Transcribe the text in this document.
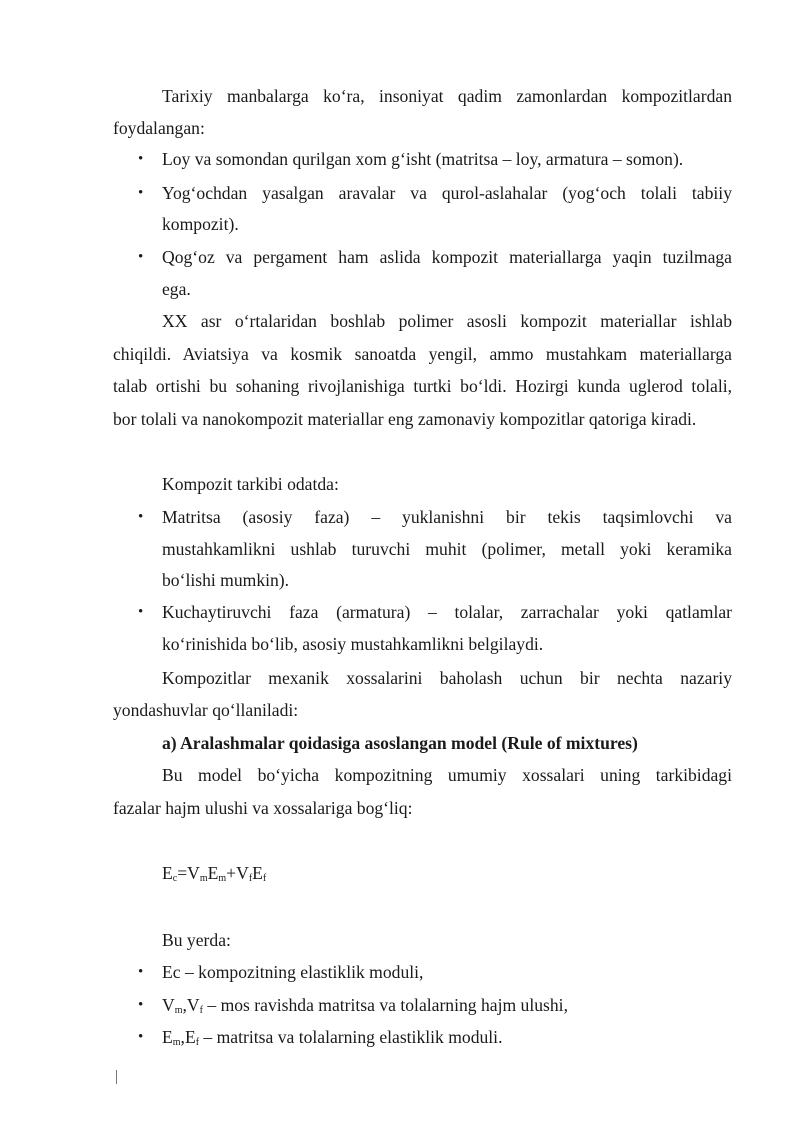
Tarixiy manbalarga ko‘ra, insoniyat qadim zamonlardan kompozitlardan
foydalangan:
• Loy va somondan qurilgan xom g‘isht (matritsa – loy, armatura – somon).
• Yog‘ochdan yasalgan aravalar va qurol-aslahalar (yog‘och tolali tabiiy
kompozit).
• Qog‘oz va pergament ham aslida kompozit materiallarga yaqin tuzilmaga
ega.
XX asr o‘rtalaridan boshlab polimer asosli kompozit materiallar ishlab
chiqildi. Aviatsiya va kosmik sanoatda yengil, ammo mustahkam materiallarga
talab ortishi bu sohaning rivojlanishiga turtki bo‘ldi. Hozirgi kunda uglerod tolali,
bor tolali va nanokompozit materiallar eng zamonaviy kompozitlar qatoriga kiradi.
Kompozit tarkibi odatda:
• Matritsa (asosiy faza) – yuklanishni bir tekis taqsimlovchi va
mustahkamlikni ushlab turuvchi muhit (polimer, metall yoki keramika
bo‘lishi mumkin).
• Kuchaytiruvchi faza (armatura) – tolalar, zarrachalar yoki qatlamlar
ko‘rinishida bo‘lib, asosiy mustahkamlikni belgilaydi.
Kompozitlar mexanik xossalarini baholash uchun bir nechta nazariy
yondashuvlar qo‘llaniladi:
a) Aralashmalar qoidasiga asoslangan model (Rule of mixtures)
Bu model bo‘yicha kompozitning umumiy xossalari uning tarkibidagi
fazalar hajm ulushi va xossalariga bog‘liq:
$E_c=V_mE_m+V_fE_f$
Bu yerda:
• Ec – kompozitning elastiklik moduli,
• $V_m,V_f$ – mos ravishda matritsa va tolalarning hajm ulushi,
• $E_m,E_f$ – matritsa va tolalarning elastiklik moduli.
